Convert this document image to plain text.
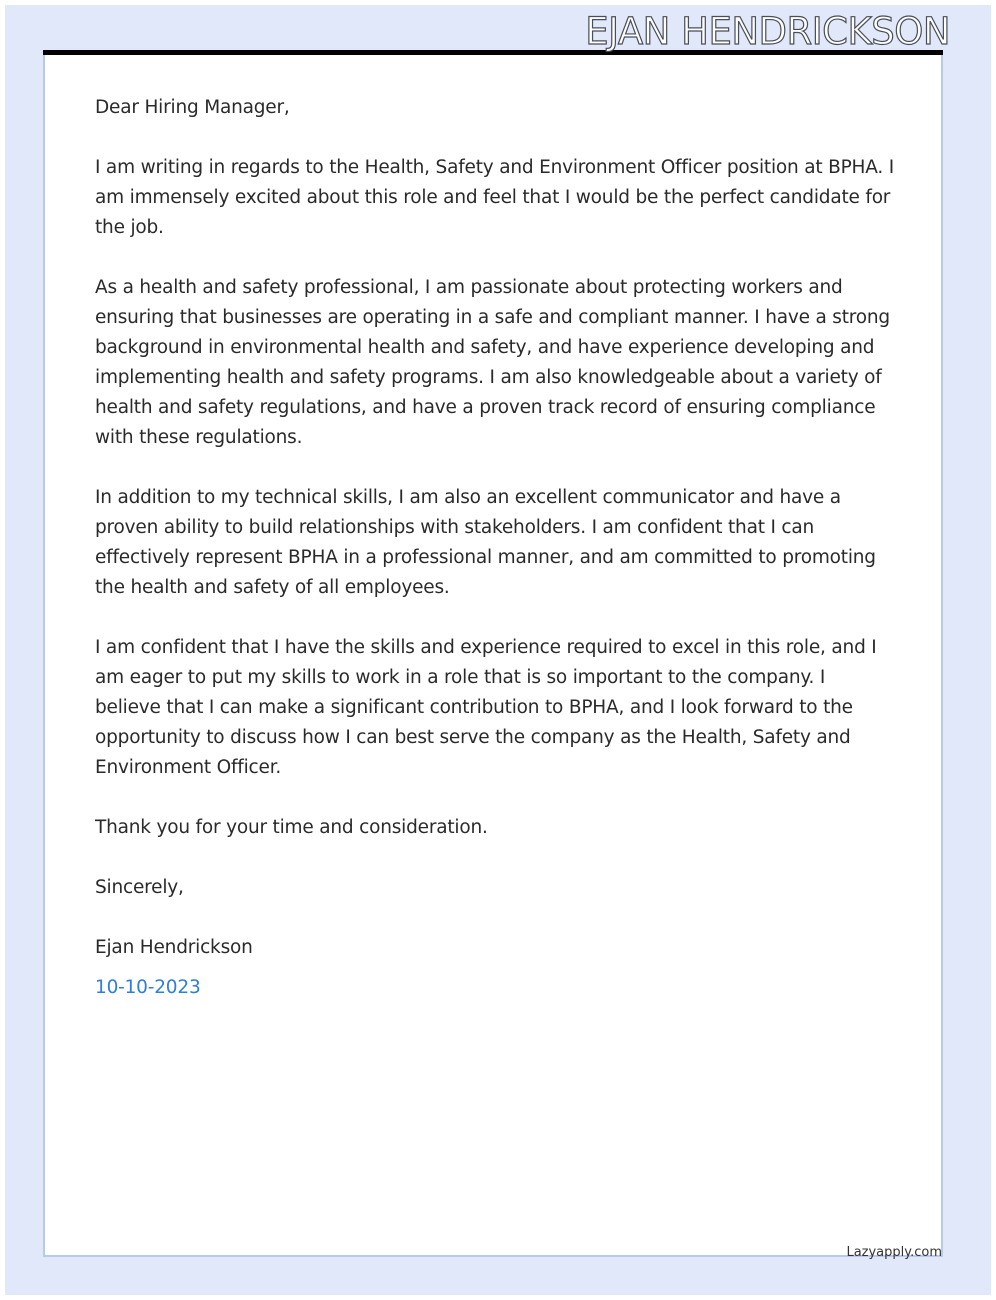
EJAN HENDRICKSON

Dear Hiring Manager,

I am writing in regards to the Health, Safety and Environment Officer position at BPHA. I am immensely excited about this role and feel that I would be the perfect candidate for the job.

As a health and safety professional, I am passionate about protecting workers and ensuring that businesses are operating in a safe and compliant manner. I have a strong background in environmental health and safety, and have experience developing and implementing health and safety programs. I am also knowledgeable about a variety of health and safety regulations, and have a proven track record of ensuring compliance with these regulations.

In addition to my technical skills, I am also an excellent communicator and have a proven ability to build relationships with stakeholders. I am confident that I can effectively represent BPHA in a professional manner, and am committed to promoting the health and safety of all employees.

I am confident that I have the skills and experience required to excel in this role, and I am eager to put my skills to work in a role that is so important to the company. I believe that I can make a significant contribution to BPHA, and I look forward to the opportunity to discuss how I can best serve the company as the Health, Safety and Environment Officer.

Thank you for your time and consideration.

Sincerely,

Ejan Hendrickson

10-10-2023

Lazyapply.com
